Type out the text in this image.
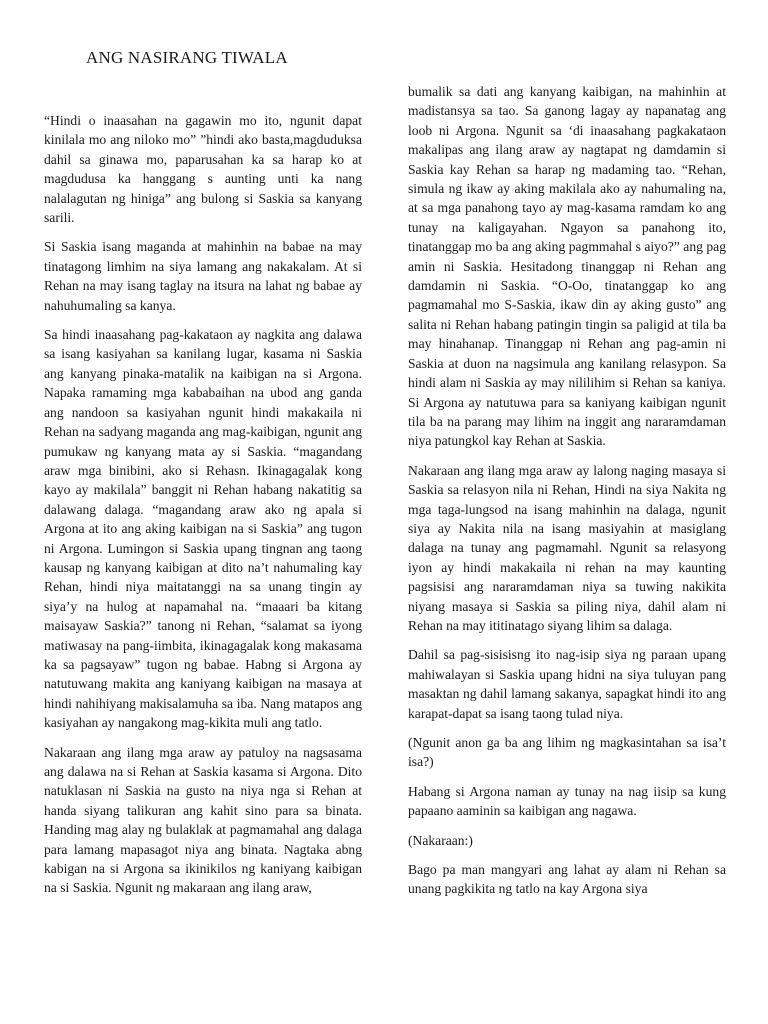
ANG NASIRANG TIWALA

“Hindi o inaasahan na gagawin mo ito, ngunit dapat kinilala mo ang niloko mo” ”hindi ako basta,magduduksa dahil sa ginawa mo, paparusahan ka sa harap ko at magdudusa ka hanggang s aunting unti ka nang nalalagutan ng hiniga” ang bulong si Saskia sa kanyang sarili.

Si Saskia isang maganda at mahinhin na babae na may tinatagong limhim na siya lamang ang nakakalam. At si Rehan na may isang taglay na itsura na lahat ng babae ay nahuhumaling sa kanya.

Sa hindi inaasahang pag-kakataon ay nagkita ang dalawa sa isang kasiyahan sa kanilang lugar, kasama ni Saskia ang kanyang pinaka-matalik na kaibigan na si Argona. Napaka ramaming mga kababaihan na ubod ang ganda ang nandoon sa kasiyahan ngunit hindi makakaila ni Rehan na sadyang maganda ang mag-kaibigan, ngunit ang pumukaw ng kanyang mata ay si Saskia. “magandang araw mga binibini, ako si Rehasn. Ikinagagalak kong kayo ay makilala” banggit ni Rehan habang nakatitig sa dalawang dalaga. “magandang araw ako ng apala si Argona at ito ang aking kaibigan na si Saskia” ang tugon ni Argona. Lumingon si Saskia upang tingnan ang taong kausap ng kanyang kaibigan at dito na’t nahumaling kay Rehan, hindi niya maitatanggi na sa unang tingin ay siya’y na hulog at napamahal na. “maaari ba kitang maisayaw Saskia?” tanong ni Rehan, “salamat sa iyong matiwasay na pang-iimbita, ikinagagalak kong makasama ka sa pagsayaw” tugon ng babae. Habng si Argona ay natutuwang makita ang kaniyang kaibigan na masaya at hindi nahihiyang makisalamuha sa iba. Nang matapos ang kasiyahan ay nangakong mag-kikita muli ang tatlo.

Nakaraan ang ilang mga araw ay patuloy na nagsasama ang dalawa na si Rehan at Saskia kasama si Argona. Dito natuklasan ni Saskia na gusto na niya nga si Rehan at handa siyang talikuran ang kahit sino para sa binata. Handing mag alay ng bulaklak at pagmamahal ang dalaga para lamang mapasagot niya ang binata. Nagtaka abng kabigan na si Argona sa ikinikilos ng kaniyang kaibigan na si Saskia. Ngunit ng makaraan ang ilang araw,

bumalik sa dati ang kanyang kaibigan, na mahinhin at madistansya sa tao. Sa ganong lagay ay napanatag ang loob ni Argona. Ngunit sa ‘di inaasahang pagkakataon makalipas ang ilang araw ay nagtapat ng damdamin si Saskia kay Rehan sa harap ng madaming tao. “Rehan, simula ng ikaw ay aking makilala ako ay nahumaling na, at sa mga panahong tayo ay mag-kasama ramdam ko ang tunay na kaligayahan. Ngayon sa panahong ito, tinatanggap mo ba ang aking pagmmahal s aiyo?” ang pag amin ni Saskia. Hesitadong tinanggap ni Rehan ang damdamin ni Saskia. “O-Oo, tinatanggap ko ang pagmamahal mo S-Saskia, ikaw din ay aking gusto” ang salita ni Rehan habang patingin tingin sa paligid at tila ba may hinahanap. Tinanggap ni Rehan ang pag-amin ni Saskia at duon na nagsimula ang kanilang relasypon. Sa hindi alam ni Saskia ay may nililihim si Rehan sa kaniya. Si Argona ay natutuwa para sa kaniyang kaibigan ngunit tila ba na parang may lihim na inggit ang nararamdaman niya patungkol kay Rehan at Saskia.

Nakaraan ang ilang mga araw ay lalong naging masaya si Saskia sa relasyon nila ni Rehan, Hindi na siya Nakita ng mga taga-lungsod na isang mahinhin na dalaga, ngunit siya ay Nakita nila na isang masiyahin at masiglang dalaga na tunay ang pagmamahl. Ngunit sa relasyong iyon ay hindi makakaila ni rehan na may kaunting pagsisisi ang nararamdaman niya sa tuwing nakikita niyang masaya si Saskia sa piling niya, dahil alam ni Rehan na may ititinatago siyang lihim sa dalaga.

Dahil sa pag-sisisisng ito nag-isip siya ng paraan upang mahiwalayan si Saskia upang hidni na siya tuluyan pang masaktan ng dahil lamang sakanya, sapagkat hindi ito ang karapat-dapat sa isang taong tulad niya.

(Ngunit anon ga ba ang lihim ng magkasintahan sa isa’t isa?)

Habang si Argona naman ay tunay na nag iisip sa kung papaano aaminin sa kaibigan ang nagawa.

(Nakaraan:)

Bago pa man mangyari ang lahat ay alam ni Rehan sa unang pagkikita ng tatlo na kay Argona siya
